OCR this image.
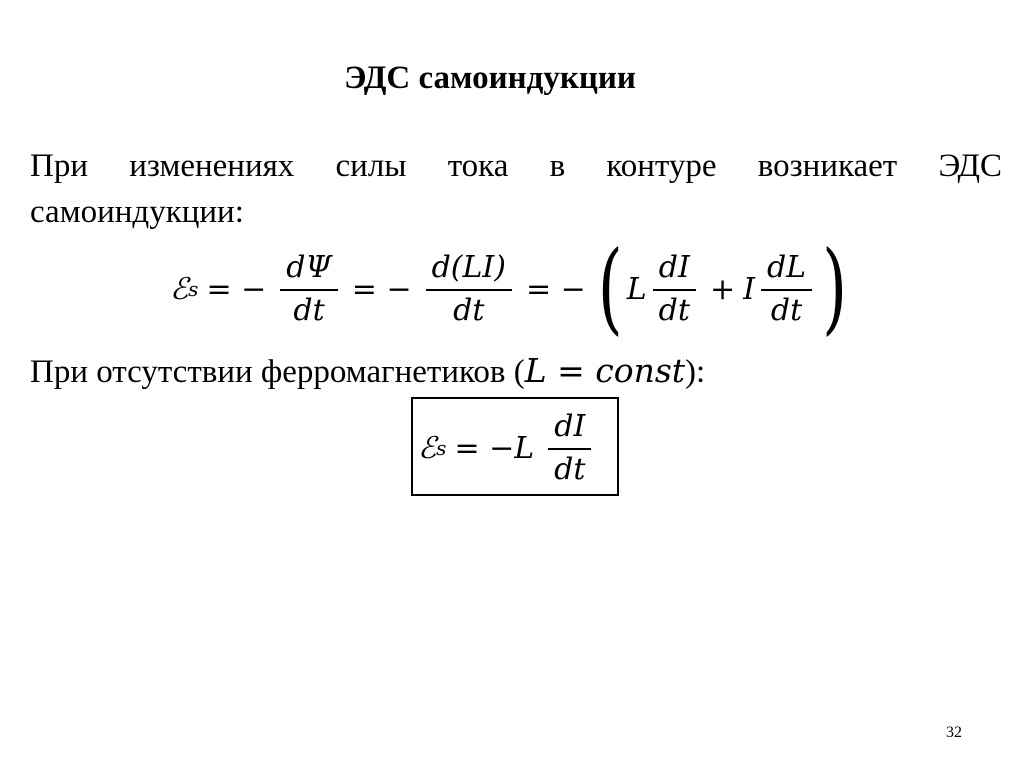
ЭДС самоиндукции
При изменениях силы тока в контуре возникает ЭДС
самоиндукции:
ℰ s = − $\frac{d\Psi}{dt}$ = − $\frac{d(LI)}{dt}$ = − ( L $\frac{dI}{dt} + I \frac{dL}{dt}$ )
При отсутствии ферромагнетиков (L = const):
ℰ $s = -L \frac{dI}{dt}$
32
